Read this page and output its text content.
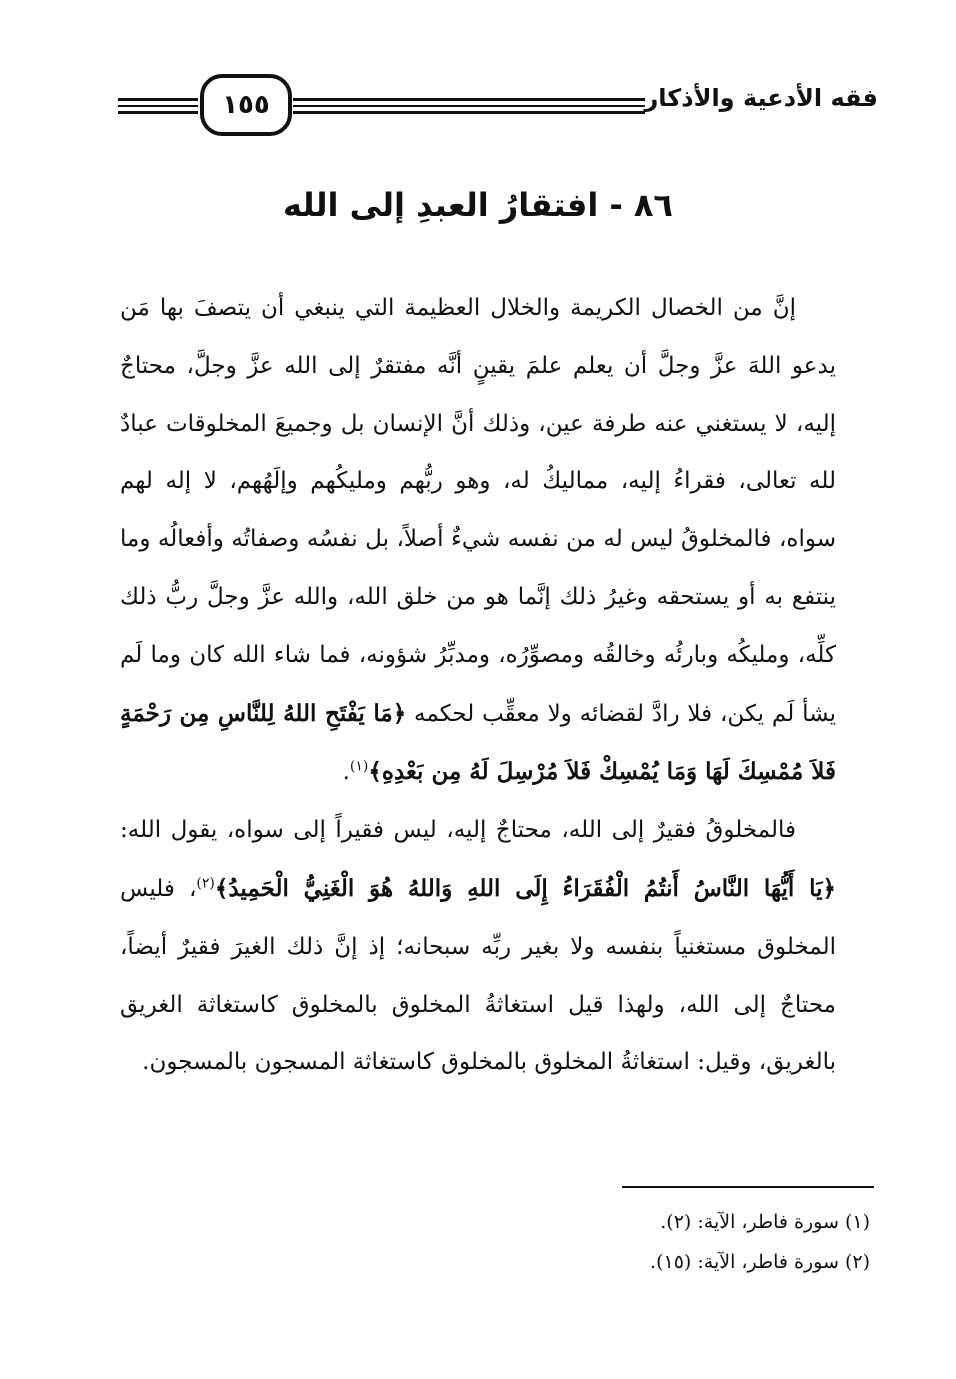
١٥٥	فقه الأدعية والأذكار
٨٦ - افتقارُ العبدِ إلى الله

إنَّ من الخصال الكريمة والخلال العظيمة التي ينبغي أن يتصفَ بها مَن يدعو اللهَ عزَّ وجلَّ أن يعلم علمَ يقينٍ أنَّه مفتقرٌ إلى الله عزَّ وجلَّ، محتاجٌ إليه، لا يستغني عنه طرفة عين، وذلك أنَّ الإنسان بل وجميعَ المخلوقات عبادٌ لله تعالى، فقراءُ إليه، مماليكُ له، وهو ربُّهم ومليكُهم وإلَهُهم، لا إله لهم سواه، فالمخلوقُ ليس له من نفسه شيءٌ أصلاً، بل نفسُه وصفاتُه وأفعالُه وما ينتفع به أو يستحقه وغيرُ ذلك إنَّما هو من خلق الله، والله عزَّ وجلَّ ربُّ ذلك كلِّه، ومليكُه وبارئُه وخالقُه ومصوِّرُه، ومدبِّرُ شؤونه، فما شاء الله كان وما لَم يشأ لَم يكن، فلا رادَّ لقضائه ولا معقِّب لحكمه ﴿مَا يَفْتَحِ اللهُ لِلنَّاسِ مِن رَحْمَةٍ فَلاَ مُمْسِكَ لَهَا وَمَا يُمْسِكْ فَلاَ مُرْسِلَ لَهُ مِن بَعْدِهِ﴾$^{(١)}$.

فالمخلوقُ فقيرٌ إلى الله، محتاجٌ إليه، ليس فقيراً إلى سواه، يقول الله: ﴿يَا أَيُّهَا النَّاسُ أَنتُمُ الْفُقَرَاءُ إِلَى اللهِ وَاللهُ هُوَ الْغَنِيُّ الْحَمِيدُ﴾$^{(٢)}$، فليس المخلوق مستغنياً بنفسه ولا بغير ربِّه سبحانه؛ إذ إنَّ ذلك الغيرَ فقيرٌ أيضاً، محتاجٌ إلى الله، ولهذا قيل استغاثةُ المخلوق بالمخلوق كاستغاثة الغريق بالغريق، وقيل: استغاثةُ المخلوق بالمخلوق كاستغاثة المسجون بالمسجون.

(١) سورة فاطر، الآية: (٢).

(٢) سورة فاطر، الآية: (١٥).
